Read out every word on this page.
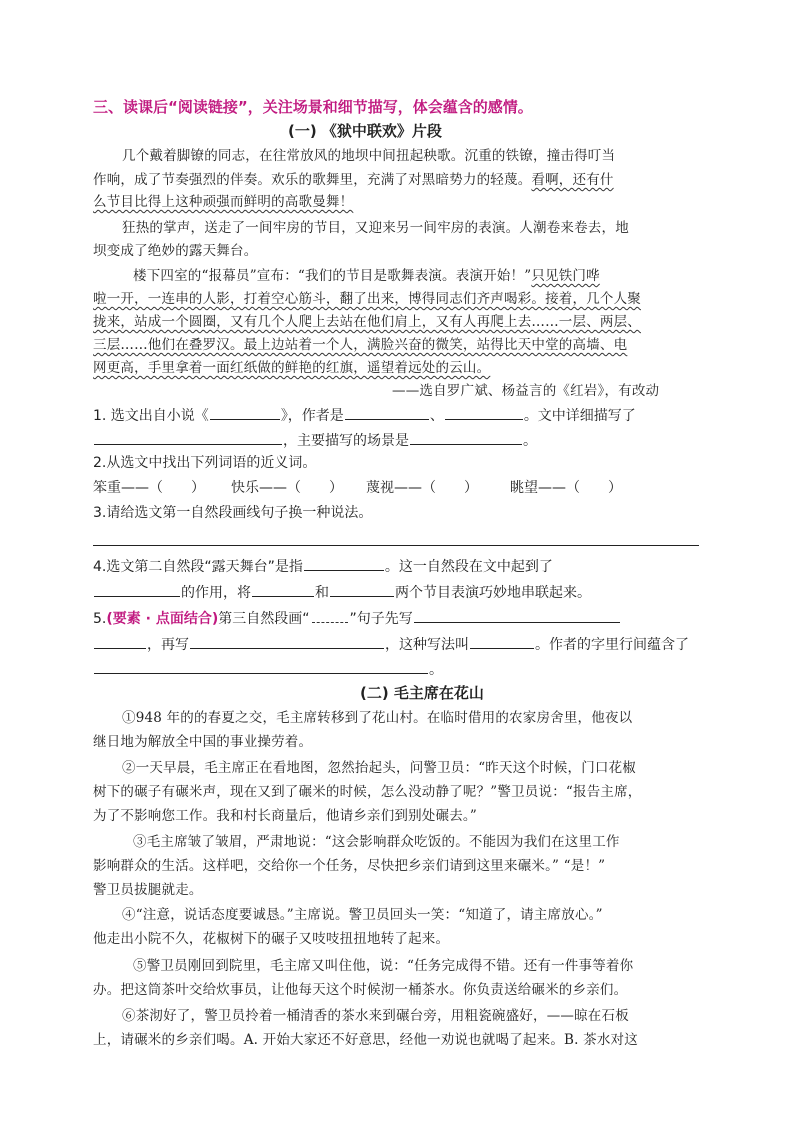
三、读课后“阅读链接”，关注场景和细节描写，体会蕴含的感情。
(一) 《狱中联欢》片段
几个戴着脚镣的同志，在往常放风的地坝中间扭起秧歌。沉重的铁镣，撞击得叮当
作响，成了节奏强烈的伴奏。欢乐的歌舞里，充满了对黑暗势力的轻蔑。看啊，还有什
么节目比得上这种顽强而鲜明的高歌曼舞！
狂热的掌声，送走了一间牢房的节目，又迎来另一间牢房的表演。人潮卷来卷去，地
坝变成了绝妙的露天舞台。
楼下四室的“报幕员”宣布：“我们的节目是歌舞表演。表演开始！”只见铁门哗
啦一开，一连串的人影，打着空心筋斗，翻了出来，博得同志们齐声喝彩。接着，几个人聚
拢来，站成一个圆圈，又有几个人爬上去站在他们肩上，又有人再爬上去……一层、两层、
三层……他们在叠罗汉。最上边站着一个人，满脸兴奋的微笑，站得比天中堂的高墙、电
网更高，手里拿着一面红纸做的鲜艳的红旗，遥望着远处的云山。
——选自罗广斌、杨益言的《红岩》，有改动
1. 选文出自小说《	》，作者是	、	。文中详细描写了
，主要描写的场景是	。
2.从选文中找出下列词语的近义词。
笨重——（　　） 快乐——（　　） 蔑视——（　　） 眺望——（　　）
3.请给选文第一自然段画线句子换一种说法。
4.选文第二自然段“露天舞台”是指	。这一自然段在文中起到了
的作用，将	和	两个节目表演巧妙地串联起来。
5.(要素 · 点面结合)第三自然段画“	”句子先写
，再写	，这种写法叫	。作者的字里行间蕴含了
。
(二) 毛主席在花山
①948 年的的春夏之交，毛主席转移到了花山村。在临时借用的农家房舍里，他夜以
继日地为解放全中国的事业操劳着。
②一天早晨，毛主席正在看地图，忽然抬起头，问警卫员：“昨天这个时候，门口花椒
树下的碾子有碾米声，现在又到了碾米的时候，怎么没动静了呢？”警卫员说：“报告主席，
为了不影响您工作。我和村长商量后，他请乡亲们到别处碾去。”
③毛主席皱了皱眉，严肃地说：“这会影响群众吃饭的。不能因为我们在这里工作
影响群众的生活。这样吧，交给你一个任务，尽快把乡亲们请到这里来碾米。” “是！”
警卫员拔腿就走。
④“注意，说话态度要诚恳。”主席说。警卫员回头一笑：“知道了，请主席放心。”
他走出小院不久，花椒树下的碾子又吱吱扭扭地转了起来。
⑤警卫员刚回到院里，毛主席又叫住他，说：“任务完成得不错。还有一件事等着你
办。把这筒茶叶交给炊事员，让他每天这个时候沏一桶茶水。你负责送给碾米的乡亲们。
⑥茶沏好了，警卫员拎着一桶清香的茶水来到碾台旁，用粗瓷碗盛好，——晾在石板
上，请碾米的乡亲们喝。A. 开始大家还不好意思，经他一劝说也就喝了起来。B. 茶水对这
